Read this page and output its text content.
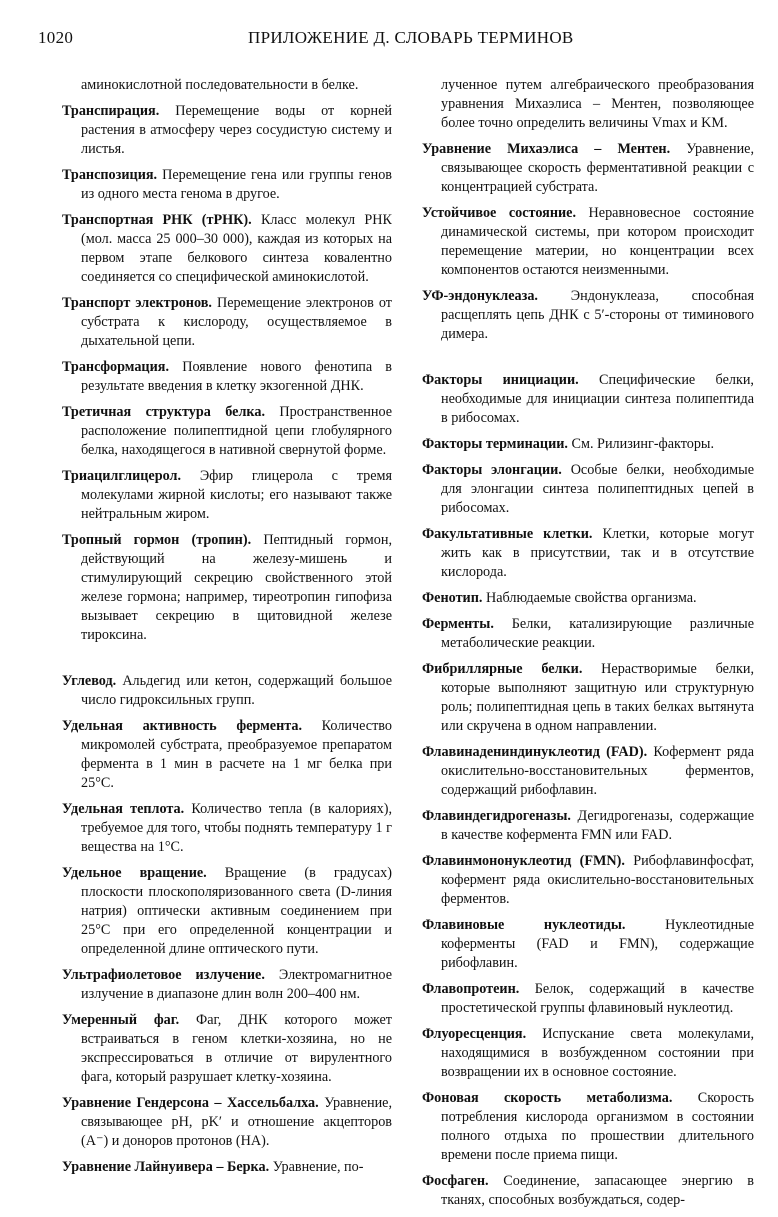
1020	ПРИЛОЖЕНИЕ Д. СЛОВАРЬ ТЕРМИНОВ

аминокислотной последовательности в белке.

Транспирация. Перемещение воды от корней растения в атмосферу через сосудистую систему и листья.

Транспозиция. Перемещение гена или группы генов из одного места генома в другое.

Транспортная РНК (тРНК). Класс молекул РНК (мол. масса 25 000–30 000), каждая из которых на первом этапе белкового синтеза ковалентно соединяется со специфической аминокислотой.

Транспорт электронов. Перемещение электронов от субстрата к кислороду, осуществляемое в дыхательной цепи.

Трансформация. Появление нового фенотипа в результате введения в клетку экзогенной ДНК.

Третичная структура белка. Пространственное расположение полипептидной цепи глобулярного белка, находящегося в нативной свернутой форме.

Триацилглицерол. Эфир глицерола с тремя молекулами жирной кислоты; его называют также нейтральным жиром.

Тропный гормон (тропин). Пептидный гормон, действующий на железу-мишень и стимулирующий секрецию свойственного этой железе гормона; например, тиреотропин гипофиза вызывает секрецию в щитовидной железе тироксина.

Углевод. Альдегид или кетон, содержащий большое число гидроксильных групп.

Удельная активность фермента. Количество микромолей субстрата, преобразуемое препаратом фермента в 1 мин в расчете на 1 мг белка при 25°С.

Удельная теплота. Количество тепла (в калориях), требуемое для того, чтобы поднять температуру 1 г вещества на 1°С.

Удельное вращение. Вращение (в градусах) плоскости плоскополяризованного света (D-линия натрия) оптически активным соединением при 25°С при его определенной концентрации и определенной длине оптического пути.

Ультрафиолетовое излучение. Электромагнитное излучение в диапазоне длин волн 200–400 нм.

Умеренный фаг. Фаг, ДНК которого может встраиваться в геном клетки-хозяина, но не экспрессироваться в отличие от вирулентного фага, который разрушает клетку-хозяина.

Уравнение Гендерсона – Хассельбалха. Уравнение, связывающее pH, pK′ и отношение акцепторов (A⁻) и доноров протонов (HA).

Уравнение Лайнуивера – Берка. Уравнение, по-

лученное путем алгебраического преобразования уравнения Михаэлиса – Ментен, позволяющее более точно определить величины Vmax и KM.

Уравнение Михаэлиса – Ментен. Уравнение, связывающее скорость ферментативной реакции с концентрацией субстрата.

Устойчивое состояние. Неравновесное состояние динамической системы, при котором происходит перемещение материи, но концентрации всех компонентов остаются неизменными.

УФ-эндонуклеаза. Эндонуклеаза, способная расщеплять цепь ДНК с 5′-стороны от тиминового димера.

Факторы инициации. Специфические белки, необходимые для инициации синтеза полипептида в рибосомах.

Факторы терминации. См. Рилизинг-факторы.

Факторы элонгации. Особые белки, необходимые для элонгации синтеза полипептидных цепей в рибосомах.

Факультативные клетки. Клетки, которые могут жить как в присутствии, так и в отсутствие кислорода.

Фенотип. Наблюдаемые свойства организма.

Ферменты. Белки, катализирующие различные метаболические реакции.

Фибриллярные белки. Нерастворимые белки, которые выполняют защитную или структурную роль; полипептидная цепь в таких белках вытянута или скручена в одном направлении.

Флавинадениндинуклеотид (FAD). Кофермент ряда окислительно-восстановительных ферментов, содержащий рибофлавин.

Флавиндегидрогеназы. Дегидрогеназы, содержащие в качестве кофермента FMN или FAD.

Флавинмононуклеотид (FMN). Рибофлавинфосфат, кофермент ряда окислительно-восстановительных ферментов.

Флавиновые нуклеотиды.	Нуклеотидные коферменты (FAD и FMN), содержащие рибофлавин.

Флавопротеин. Белок, содержащий в качестве простетической группы флавиновый нуклеотид.

Флуоресценция. Испускание света молекулами, находящимися в возбужденном состоянии при возвращении их в основное состояние.

Фоновая скорость метаболизма. Скорость потребления кислорода организмом в состоянии полного отдыха по прошествии длительного времени после приема пищи.

Фосфаген. Соединение, запасающее энергию в тканях, способных возбуждаться, содер-
